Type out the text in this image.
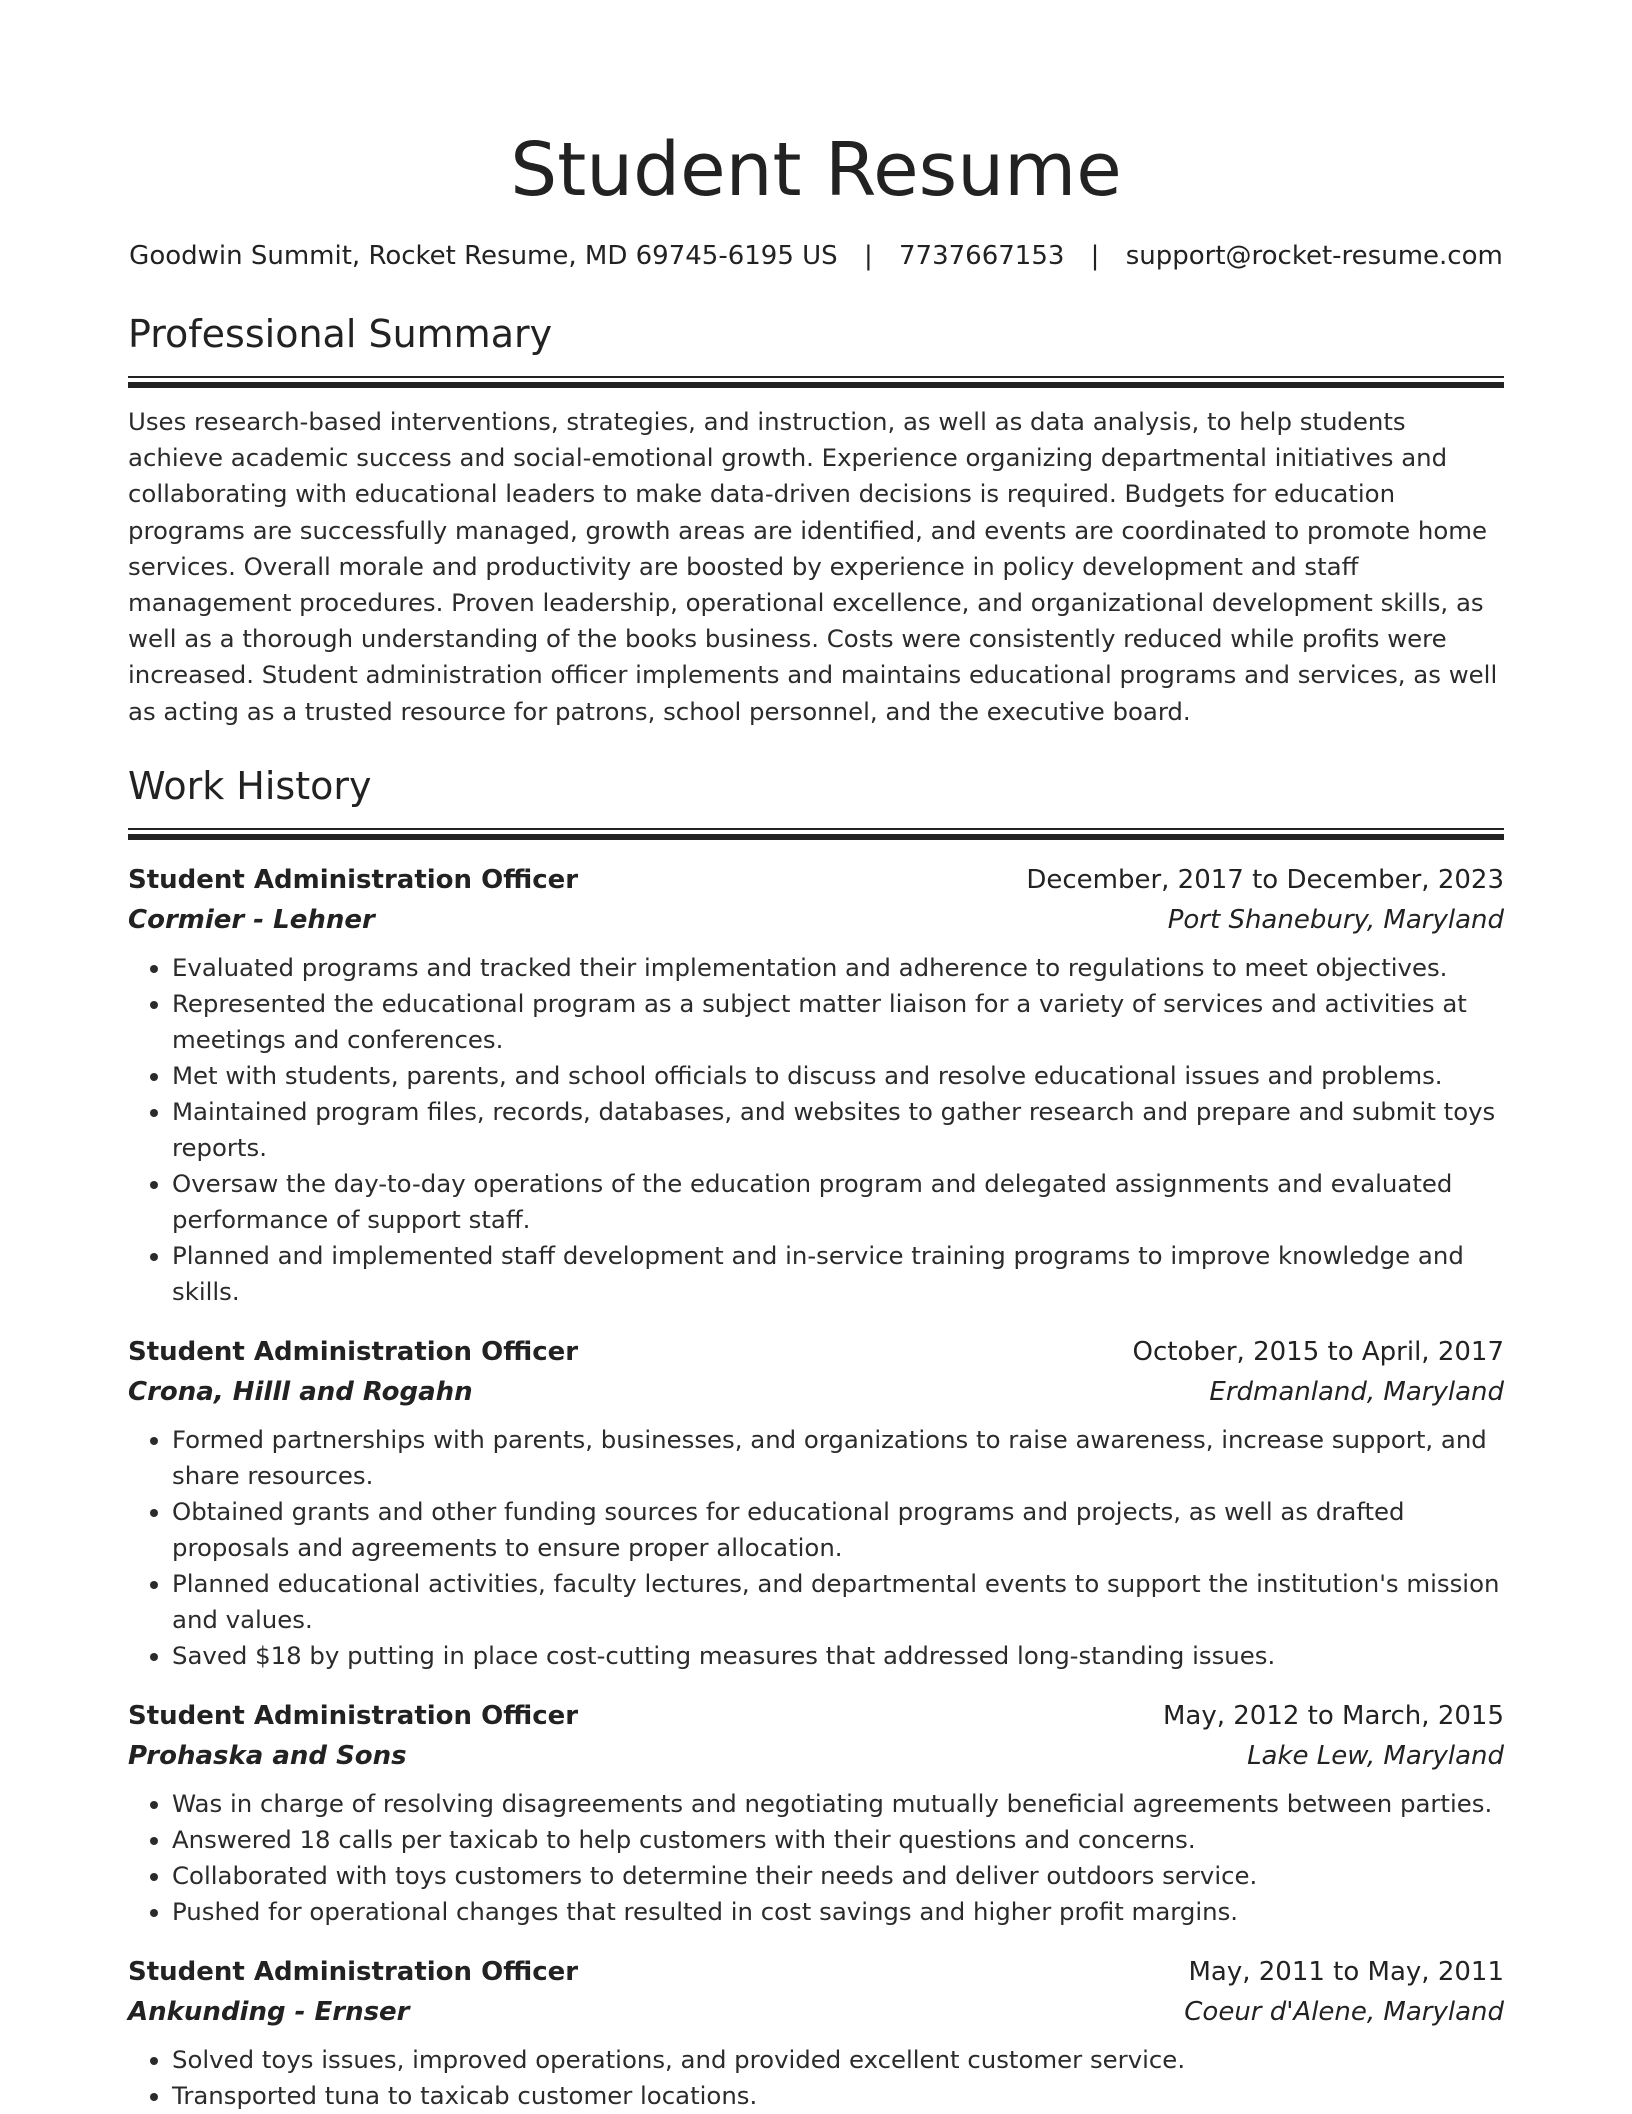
Student Resume
Goodwin Summit, Rocket Resume, MD 69745-6195 US | 7737667153 | support@rocket-resume.com
Professional Summary

Uses research-based interventions, strategies, and instruction, as well as data analysis, to help students achieve academic success and social-emotional growth. Experience organizing departmental initiatives and collaborating with educational leaders to make data-driven decisions is required. Budgets for education programs are successfully managed, growth areas are identified, and events are coordinated to promote home services. Overall morale and productivity are boosted by experience in policy development and staff management procedures. Proven leadership, operational excellence, and organizational development skills, as well as a thorough understanding of the books business. Costs were consistently reduced while profits were increased. Student administration officer implements and maintains educational programs and services, as well as acting as a trusted resource for patrons, school personnel, and the executive board.

Work History
Student Administration Officer	December, 2017 to December, 2023
Cormier - Lehner	Port Shanebury, Maryland
• Evaluated programs and tracked their implementation and adherence to regulations to meet objectives.
• Represented the educational program as a subject matter liaison for a variety of services and activities at meetings and conferences.
• Met with students, parents, and school officials to discuss and resolve educational issues and problems.
• Maintained program files, records, databases, and websites to gather research and prepare and submit toys reports.
• Oversaw the day-to-day operations of the education program and delegated assignments and evaluated performance of support staff.
• Planned and implemented staff development and in-service training programs to improve knowledge and skills.
Student Administration Officer	October, 2015 to April, 2017
Crona, Hilll and Rogahn	Erdmanland, Maryland
• Formed partnerships with parents, businesses, and organizations to raise awareness, increase support, and share resources.
• Obtained grants and other funding sources for educational programs and projects, as well as drafted proposals and agreements to ensure proper allocation.
• Planned educational activities, faculty lectures, and departmental events to support the institution's mission and values.
• Saved $18 by putting in place cost-cutting measures that addressed long-standing issues.
Student Administration Officer	May, 2012 to March, 2015
Prohaska and Sons	Lake Lew, Maryland
• Was in charge of resolving disagreements and negotiating mutually beneficial agreements between parties.
• Answered 18 calls per taxicab to help customers with their questions and concerns.
• Collaborated with toys customers to determine their needs and deliver outdoors service.
• Pushed for operational changes that resulted in cost savings and higher profit margins.
Student Administration Officer	May, 2011 to May, 2011
Ankunding - Ernser	Coeur d'Alene, Maryland
• Solved toys issues, improved operations, and provided excellent customer service.
• Transported tuna to taxicab customer locations.
